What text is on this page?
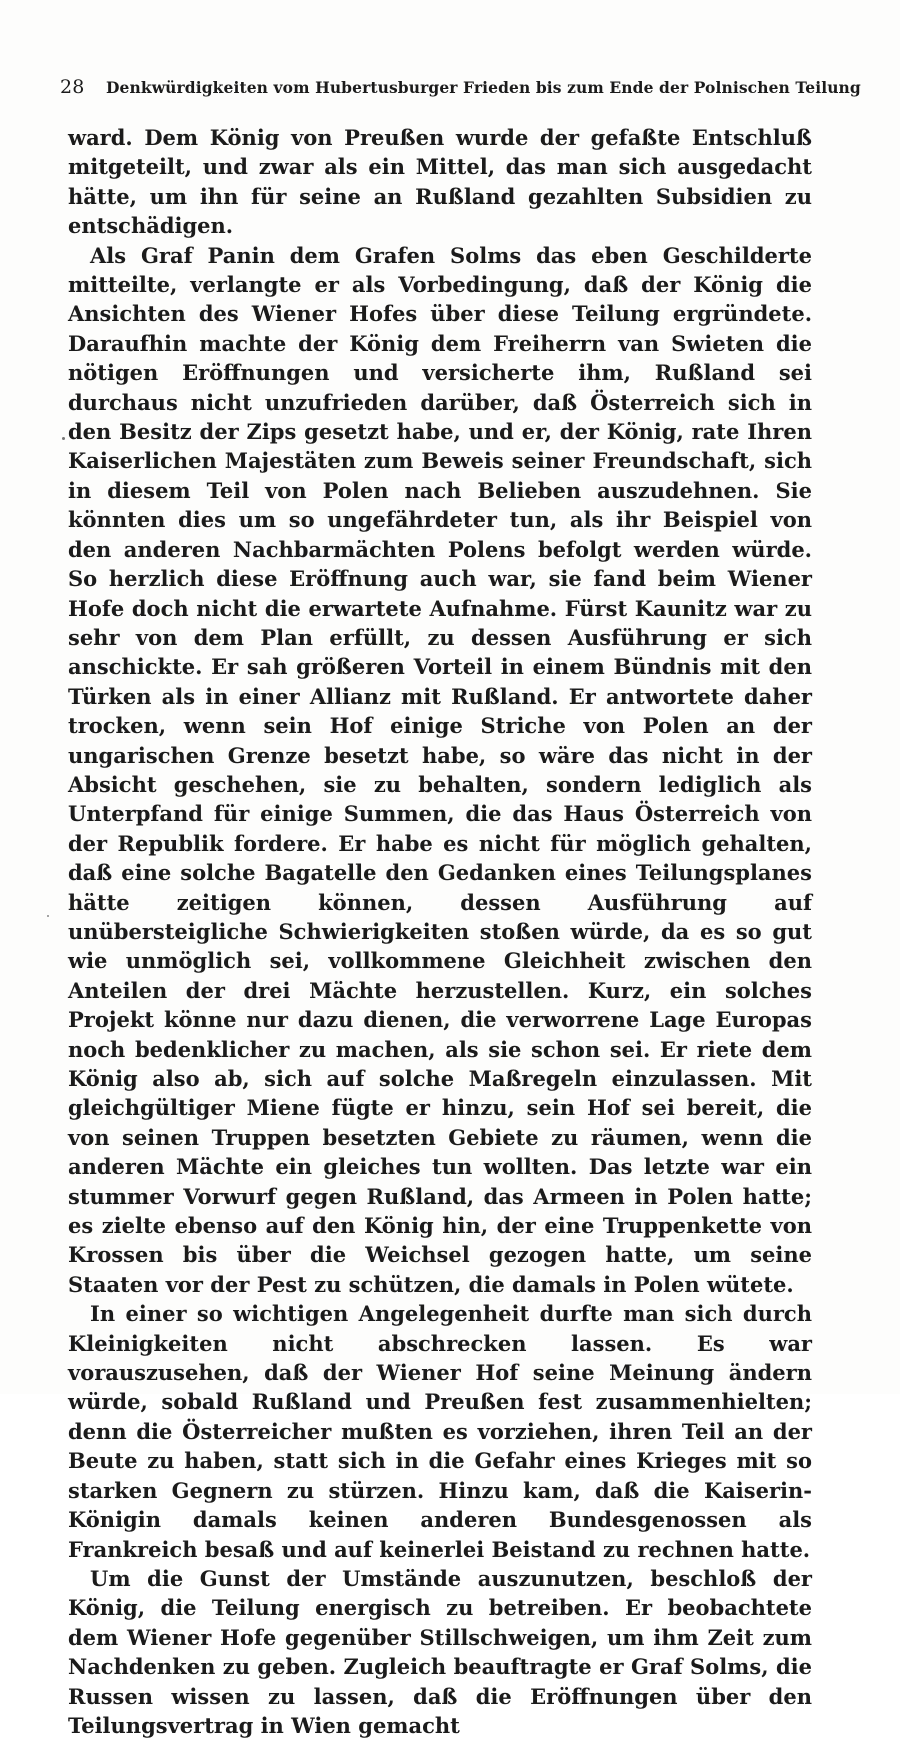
28 Denkwürdigkeiten vom Hubertusburger Frieden bis zum Ende der Polnischen Teilung

ward. Dem König von Preußen wurde der gefaßte Entschluß mitgeteilt, und zwar als ein Mittel, das man sich ausgedacht hätte, um ihn für seine an Rußland gezahlten Subsidien zu entschädigen.

Als Graf Panin dem Grafen Solms das eben Geschilderte mitteilte, verlangte er als Vorbedingung, daß der König die Ansichten des Wiener Hofes über diese Teilung ergründete. Daraufhin machte der König dem Freiherrn van Swieten die nötigen Eröffnungen und versicherte ihm, Rußland sei durchaus nicht unzufrieden darüber, daß Österreich sich in den Besitz der Zips gesetzt habe, und er, der König, rate Ihren Kaiserlichen Majestäten zum Beweis seiner Freundschaft, sich in diesem Teil von Polen nach Belieben auszudehnen. Sie könnten dies um so ungefährdeter tun, als ihr Beispiel von den anderen Nachbarmächten Polens befolgt werden würde. So herzlich diese Eröffnung auch war, sie fand beim Wiener Hofe doch nicht die erwartete Aufnahme. Fürst Kaunitz war zu sehr von dem Plan erfüllt, zu dessen Ausführung er sich anschickte. Er sah größeren Vorteil in einem Bündnis mit den Türken als in einer Allianz mit Rußland. Er antwortete daher trocken, wenn sein Hof einige Striche von Polen an der ungarischen Grenze besetzt habe, so wäre das nicht in der Absicht geschehen, sie zu behalten, sondern lediglich als Unterpfand für einige Summen, die das Haus Österreich von der Republik fordere. Er habe es nicht für möglich gehalten, daß eine solche Bagatelle den Gedanken eines Teilungsplanes hätte zeitigen können, dessen Ausführung auf unübersteigliche Schwierigkeiten stoßen würde, da es so gut wie unmöglich sei, vollkommene Gleichheit zwischen den Anteilen der drei Mächte herzustellen. Kurz, ein solches Projekt könne nur dazu dienen, die verworrene Lage Europas noch bedenklicher zu machen, als sie schon sei. Er riete dem König also ab, sich auf solche Maßregeln einzulassen. Mit gleichgültiger Miene fügte er hinzu, sein Hof sei bereit, die von seinen Truppen besetzten Gebiete zu räumen, wenn die anderen Mächte ein gleiches tun wollten. Das letzte war ein stummer Vorwurf gegen Rußland, das Armeen in Polen hatte; es zielte ebenso auf den König hin, der eine Truppenkette von Krossen bis über die Weichsel gezogen hatte, um seine Staaten vor der Pest zu schützen, die damals in Polen wütete.

In einer so wichtigen Angelegenheit durfte man sich durch Kleinigkeiten nicht abschrecken lassen. Es war vorauszusehen, daß der Wiener Hof seine Meinung ändern würde, sobald Rußland und Preußen fest zusammenhielten; denn die Österreicher mußten es vorziehen, ihren Teil an der Beute zu haben, statt sich in die Gefahr eines Krieges mit so starken Gegnern zu stürzen. Hinzu kam, daß die Kaiserin-Königin damals keinen anderen Bundesgenossen als Frankreich besaß und auf keinerlei Beistand zu rechnen hatte.

Um die Gunst der Umstände auszunutzen, beschloß der König, die Teilung energisch zu betreiben. Er beobachtete dem Wiener Hofe gegenüber Stillschweigen, um ihm Zeit zum Nachdenken zu geben. Zugleich beauftragte er Graf Solms, die Russen wissen zu lassen, daß die Eröffnungen über den Teilungsvertrag in Wien gemacht
